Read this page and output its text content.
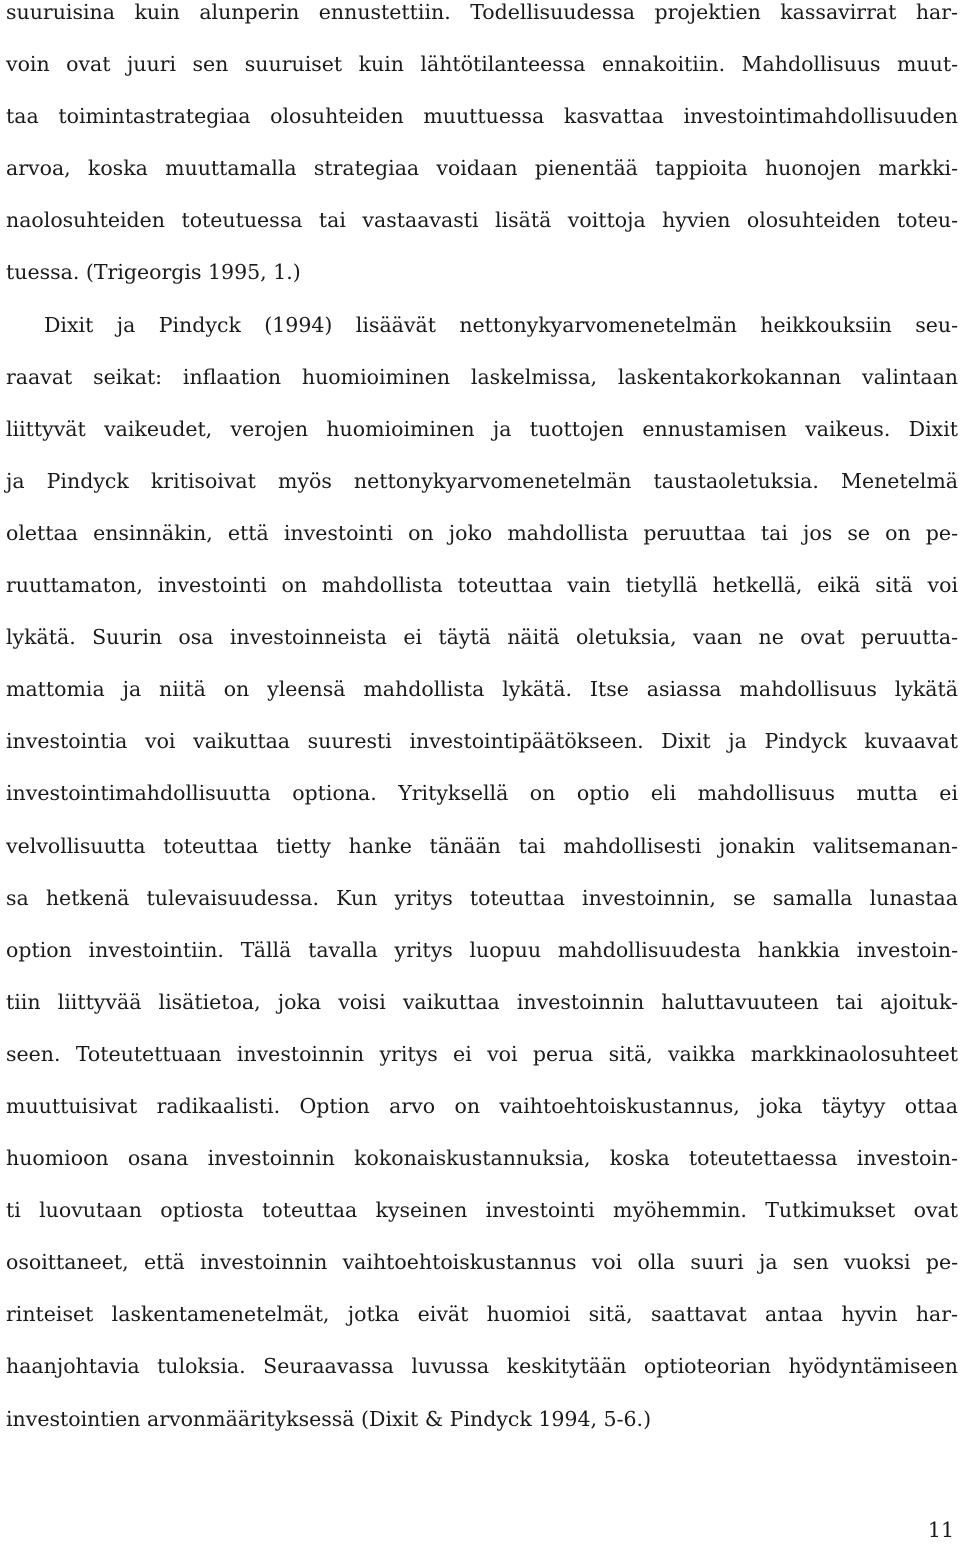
suuruisina kuin alunperin ennustettiin. Todellisuudessa projektien kassavirrat har-
voin ovat juuri sen suuruiset kuin lähtötilanteessa ennakoitiin. Mahdollisuus muut-
taa toimintastrategiaa olosuhteiden muuttuessa kasvattaa investointimahdollisuuden
arvoa, koska muuttamalla strategiaa voidaan pienentää tappioita huonojen markki-
naolosuhteiden toteutuessa tai vastaavasti lisätä voittoja hyvien olosuhteiden toteu-
tuessa. (Trigeorgis 1995, 1.)
Dixit ja Pindyck (1994) lisäävät nettonykyarvomenetelmän heikkouksiin seu-
raavat seikat: inflaation huomioiminen laskelmissa, laskentakorkokannan valintaan
liittyvät vaikeudet, verojen huomioiminen ja tuottojen ennustamisen vaikeus. Dixit
ja Pindyck kritisoivat myös nettonykyarvomenetelmän taustaoletuksia. Menetelmä
olettaa ensinnäkin, että investointi on joko mahdollista peruuttaa tai jos se on pe-
ruuttamaton, investointi on mahdollista toteuttaa vain tietyllä hetkellä, eikä sitä voi
lykätä. Suurin osa investoinneista ei täytä näitä oletuksia, vaan ne ovat peruutta-
mattomia ja niitä on yleensä mahdollista lykätä. Itse asiassa mahdollisuus lykätä
investointia voi vaikuttaa suuresti investointipäätökseen. Dixit ja Pindyck kuvaavat
investointimahdollisuutta optiona. Yrityksellä on optio eli mahdollisuus mutta ei
velvollisuutta toteuttaa tietty hanke tänään tai mahdollisesti jonakin valitsemanan-
sa hetkenä tulevaisuudessa. Kun yritys toteuttaa investoinnin, se samalla lunastaa
option investointiin. Tällä tavalla yritys luopuu mahdollisuudesta hankkia investoin-
tiin liittyvää lisätietoa, joka voisi vaikuttaa investoinnin haluttavuuteen tai ajoituk-
seen. Toteutettuaan investoinnin yritys ei voi perua sitä, vaikka markkinaolosuhteet
muuttuisivat radikaalisti. Option arvo on vaihtoehtoiskustannus, joka täytyy ottaa
huomioon osana investoinnin kokonaiskustannuksia, koska toteutettaessa investoin-
ti luovutaan optiosta toteuttaa kyseinen investointi myöhemmin. Tutkimukset ovat
osoittaneet, että investoinnin vaihtoehtoiskustannus voi olla suuri ja sen vuoksi pe-
rinteiset laskentamenetelmät, jotka eivät huomioi sitä, saattavat antaa hyvin har-
haanjohtavia tuloksia. Seuraavassa luvussa keskitytään optioteorian hyödyntämiseen
investointien arvonmäärityksessä (Dixit & Pindyck 1994, 5-6.)
11
